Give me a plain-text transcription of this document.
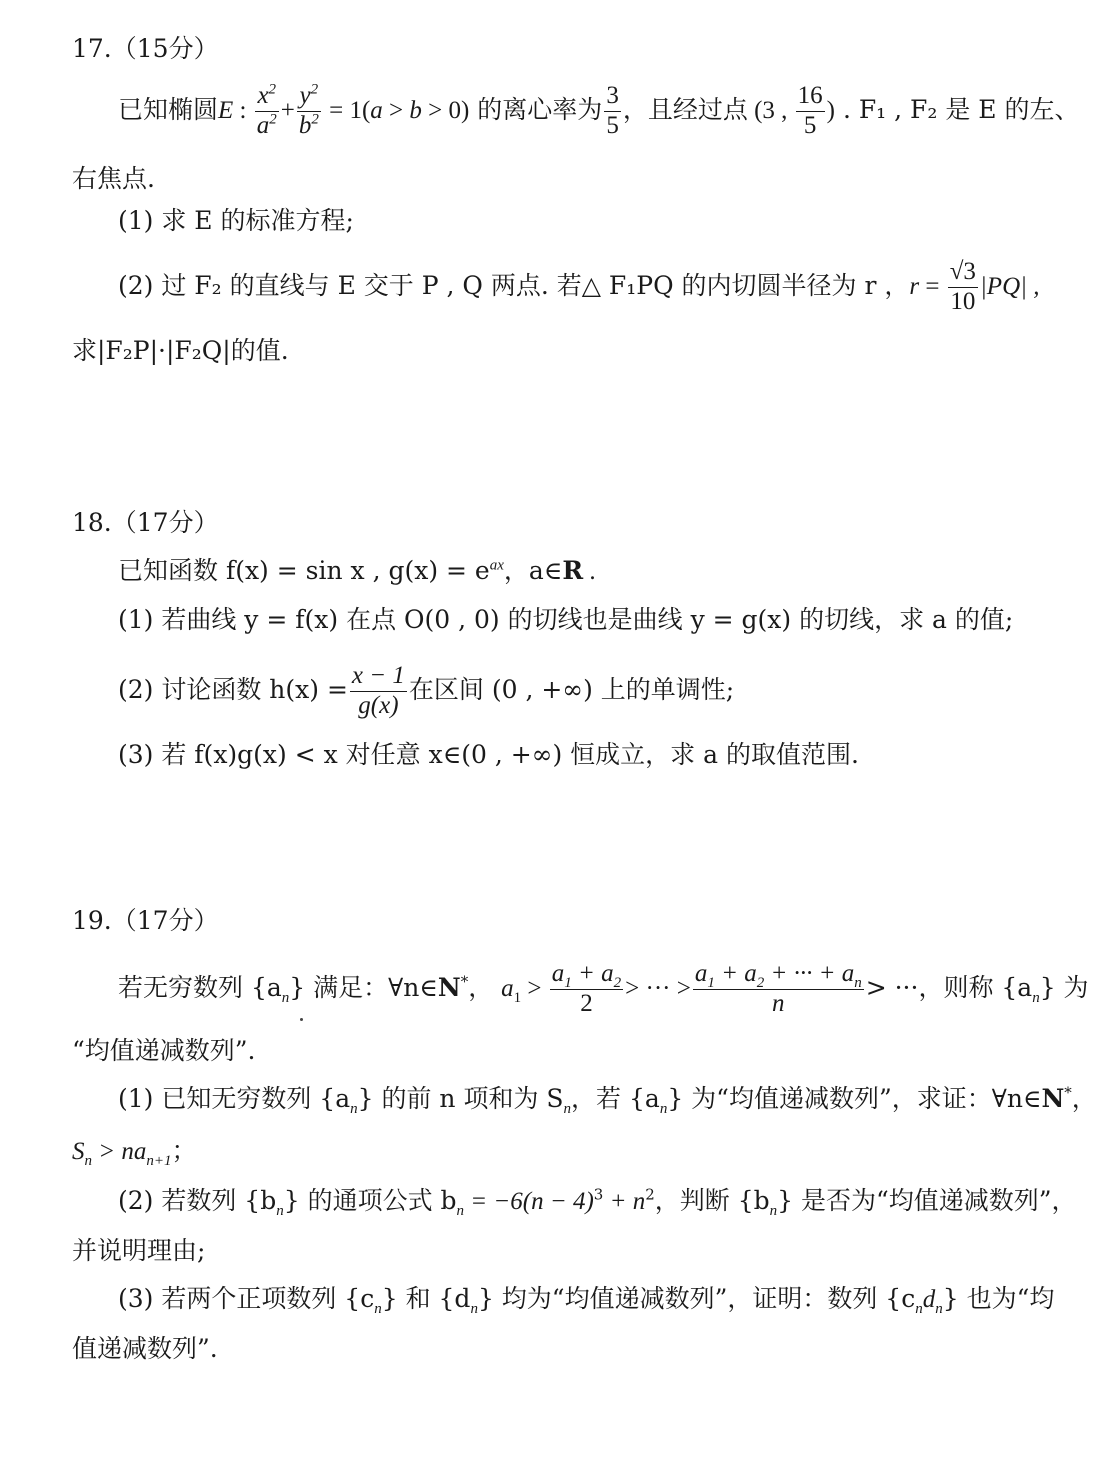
17.（15分）
已知椭圆E : $\frac{x^2}{a^2} + \frac{y^2}{b^2} = 1(a > b > 0)$ 的离心率为 $\frac{3}{5}$ ，且经过点 (3 , $\frac{16}{5}$ ) . F₁ , F₂ 是 E 的左、
右焦点.
(1) 求 E 的标准方程;
(2) 过 F₂ 的直线与 E 交于 P , Q 两点. 若△ F₁PQ 的内切圆半径为 r ，$r = \frac{√3}{10} |PQ|$ ,
求|F₂P|·|F₂Q|的值.
18.（17分）
已知函数 f(x) = sin x , $g(x) = e^{ax}$，a∈R .
(1) 若曲线 y = f(x) 在点 O(0 , 0) 的切线也是曲线 y = g(x) 的切线，求 a 的值;
(2) 讨论函数 $h(x) = \frac{x - 1}{g(x)}$ 在区间 (0 , +∞) 上的单调性;
(3) 若 f(x)g(x) < x 对任意 x∈(0 , +∞) 恒成立，求 a 的取值范围.
19.（17分）
若无穷数列 $\{a_n\}$ 满足：∀n∈N*， $a_1 > \frac{a_1 + a_2}{2}$ > ··· > $\frac{a_1 + a_2 + \cdot\cdot\cdot + a_n}{n}$ > ···，则称 $\{a_n\}$ 为
“均值递减数列”.
(1) 已知无穷数列 $\{a_n\}$ 的前 n 项和为 $S_n$，若 $\{a_n\}$ 为“均值递减数列”，求证：∀n∈N*，
$S_n > na_{n+1}$；
(2) 若数列 $\{b_n\}$ 的通项公式 $b_n = -6(n - 4)^3 + n^2$，判断 $\{b_n\}$ 是否为“均值递减数列”，
并说明理由;
(3) 若两个正项数列 $\{c_n\}$ 和 $\{d_n\}$ 均为“均值递减数列”，证明：数列 $\{c_nd_n\}$ 也为“均
值递减数列”.
